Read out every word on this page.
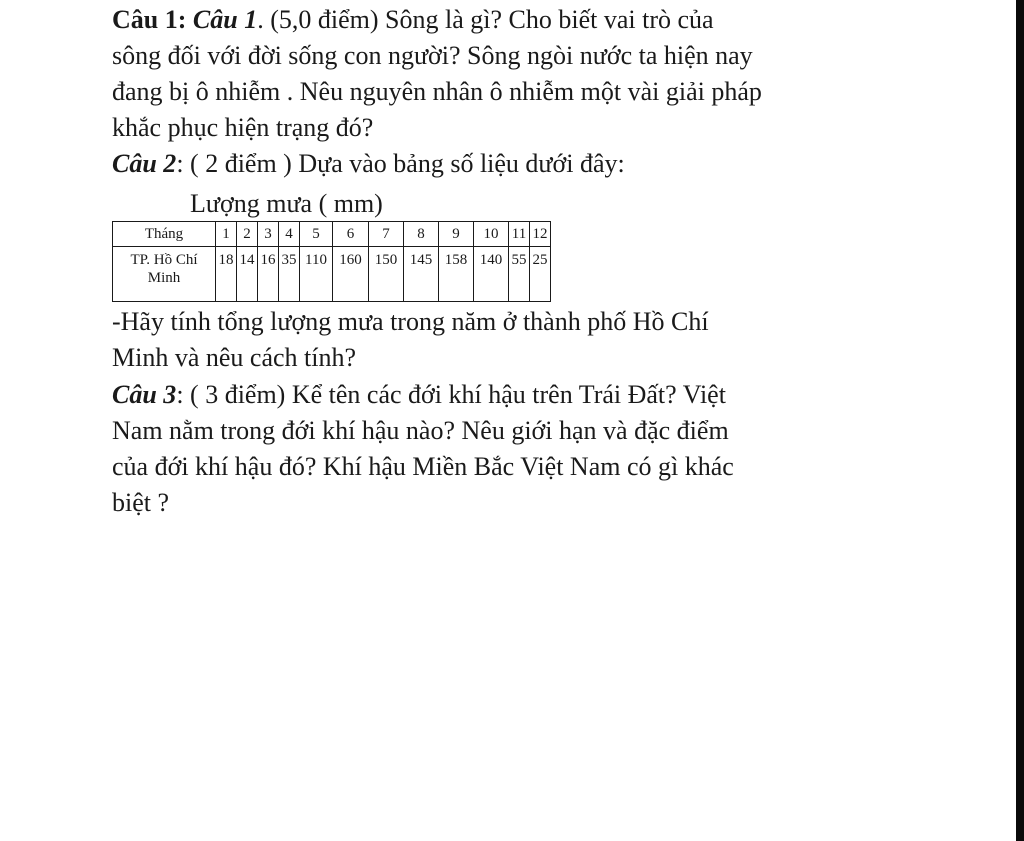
Câu 1: Câu 1. (5,0 điểm) Sông là gì? Cho biết vai trò của
sông đối với đời sống con người? Sông ngòi nước ta hiện nay
đang bị ô nhiễm . Nêu nguyên nhân ô nhiễm một vài giải pháp
khắc phục hiện trạng đó?
Câu 2: ( 2 điểm ) Dựa vào bảng số liệu dưới đây:
Lượng mưa ( mm)
Tháng	1	2	3	4	5	6	7	8	9	10	11	12

TP. Hồ Chí
Minh	18	14	16	35	110	160	150	145	158	140	55	25
-Hãy tính tổng lượng mưa trong năm ở thành phố Hồ Chí
Minh và nêu cách tính?
Câu 3: ( 3 điểm) Kể tên các đới khí hậu trên Trái Đất? Việt
Nam nằm trong đới khí hậu nào? Nêu giới hạn và đặc điểm
của đới khí hậu đó? Khí hậu Miền Bắc Việt Nam có gì khác
biệt ?
